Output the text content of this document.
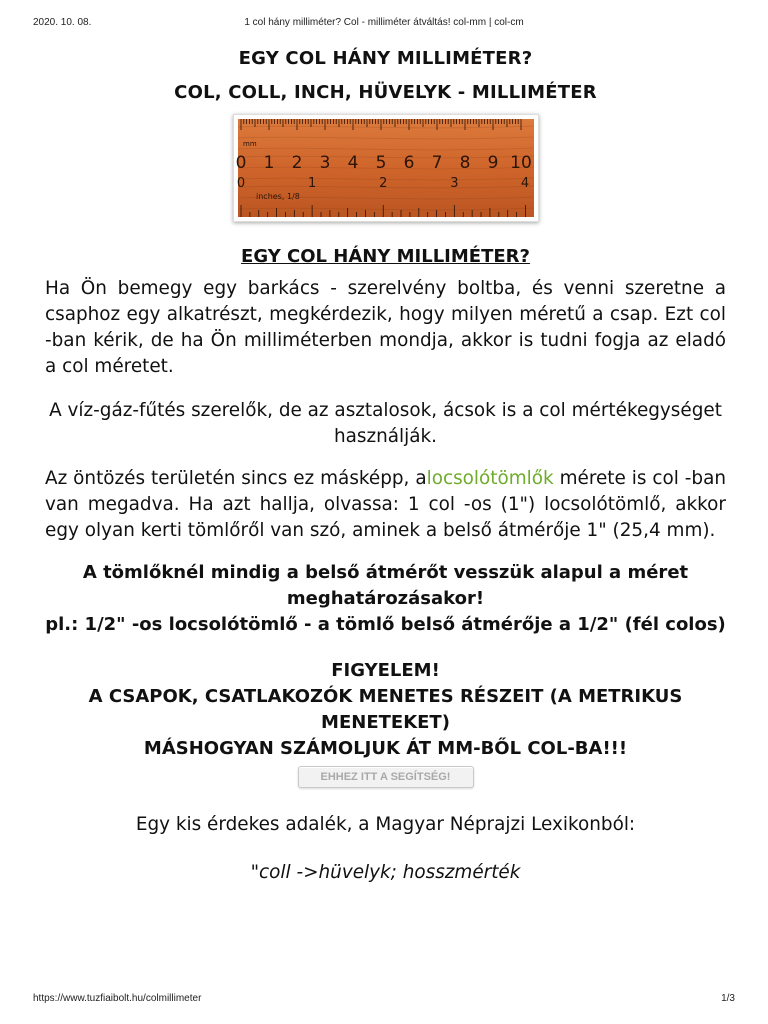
2020. 10. 08.	1 col hány milliméter? Col - milliméter átváltás! col-mm | col-cm
EGY COL HÁNY MILLIMÉTER?
COL, COLL, INCH, HÜVELYK - MILLIMÉTER
0 1 2 3 4 5 6 7 8 9 10
0	1	2	3	4
mm
inches, 1/8
EGY COL HÁNY MILLIMÉTER?

Ha Ön bemegy egy barkács - szerelvény boltba, és venni szeretne a csaphoz egy alkatrészt, megkérdezik, hogy milyen méretű a csap. Ezt col -ban kérik, de ha Ön milliméterben mondja, akkor is tudni fogja az eladó a col méretet.

A víz-gáz-fűtés szerelők, de az asztalosok, ácsok is a col mértékegységet használják.

Az öntözés területén sincs ez másképp, alocsolótömlők mérete is col -ban van megadva. Ha azt hallja, olvassa: 1 col -os (1") locsolótömlő, akkor egy olyan kerti tömlőről van szó, aminek a belső átmérője 1" (25,4 mm).

A tömlőknél mindig a belső átmérőt vesszük alapul a méret meghatározásakor!

pl.: 1/2" -os locsolótömlő - a tömlő belső átmérője a 1/2" (fél colos)

FIGYELEM!

A CSAPOK, CSATLAKOZÓK MENETES RÉSZEIT (A METRIKUS MENETEKET)

MÁSHOGYAN SZÁMOLJUK ÁT MM-BŐL COL-BA!!!

EHHEZ ITT A SEGÍTSÉG!

Egy kis érdekes adalék, a Magyar Néprajzi Lexikonból:

"coll ->hüvelyk; hosszmérték

https://www.tuzfiaibolt.hu/colmillimeter	1/3
